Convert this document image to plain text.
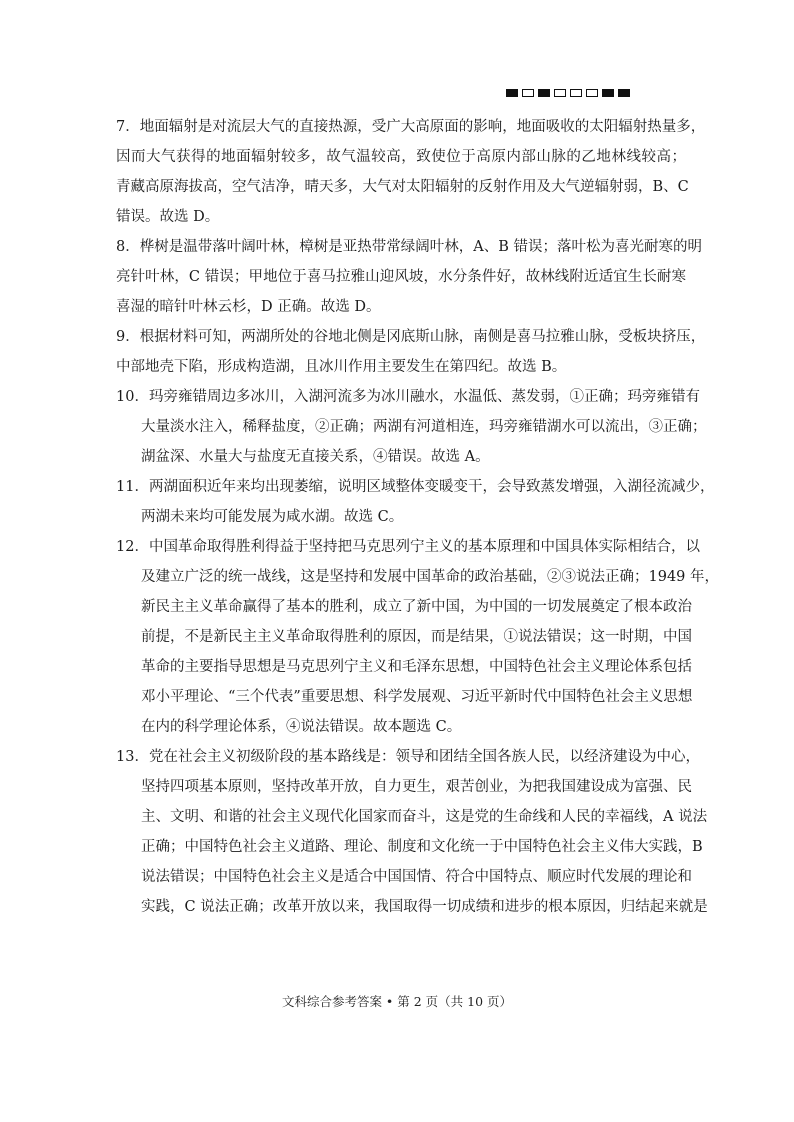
7．地面辐射是对流层大气的直接热源，受广大高原面的影响，地面吸收的太阳辐射热量多，

因而大气获得的地面辐射较多，故气温较高，致使位于高原内部山脉的乙地林线较高；

青藏高原海拔高，空气洁净，晴天多，大气对太阳辐射的反射作用及大气逆辐射弱，B、C

错误。故选 D。

8．桦树是温带落叶阔叶林，樟树是亚热带常绿阔叶林，A、B 错误；落叶松为喜光耐寒的明

亮针叶林，C 错误；甲地位于喜马拉雅山迎风坡，水分条件好，故林线附近适宜生长耐寒

喜湿的暗针叶林云杉，D 正确。故选 D。

9．根据材料可知，两湖所处的谷地北侧是冈底斯山脉，南侧是喜马拉雅山脉，受板块挤压，

中部地壳下陷，形成构造湖，且冰川作用主要发生在第四纪。故选 B。

10．玛旁雍错周边多冰川，入湖河流多为冰川融水，水温低、蒸发弱，①正确；玛旁雍错有

大量淡水注入，稀释盐度，②正确；两湖有河道相连，玛旁雍错湖水可以流出，③正确；

湖盆深、水量大与盐度无直接关系，④错误。故选 A。

11．两湖面积近年来均出现萎缩，说明区域整体变暖变干，会导致蒸发增强，入湖径流减少，

两湖未来均可能发展为咸水湖。故选 C。

12．中国革命取得胜利得益于坚持把马克思列宁主义的基本原理和中国具体实际相结合，以

及建立广泛的统一战线，这是坚持和发展中国革命的政治基础，②③说法正确；1949 年，

新民主主义革命赢得了基本的胜利，成立了新中国，为中国的一切发展奠定了根本政治

前提，不是新民主主义革命取得胜利的原因，而是结果，①说法错误；这一时期，中国

革命的主要指导思想是马克思列宁主义和毛泽东思想，中国特色社会主义理论体系包括

邓小平理论、“三个代表”重要思想、科学发展观、习近平新时代中国特色社会主义思想

在内的科学理论体系，④说法错误。故本题选 C。

13．党在社会主义初级阶段的基本路线是：领导和团结全国各族人民，以经济建设为中心，

坚持四项基本原则，坚持改革开放，自力更生，艰苦创业，为把我国建设成为富强、民

主、文明、和谐的社会主义现代化国家而奋斗，这是党的生命线和人民的幸福线，A 说法

正确；中国特色社会主义道路、理论、制度和文化统一于中国特色社会主义伟大实践，B

说法错误；中国特色社会主义是适合中国国情、符合中国特点、顺应时代发展的理论和

实践，C 说法正确；改革开放以来，我国取得一切成绩和进步的根本原因，归结起来就是

文科综合参考答案 • 第 2 页（共 10 页）
